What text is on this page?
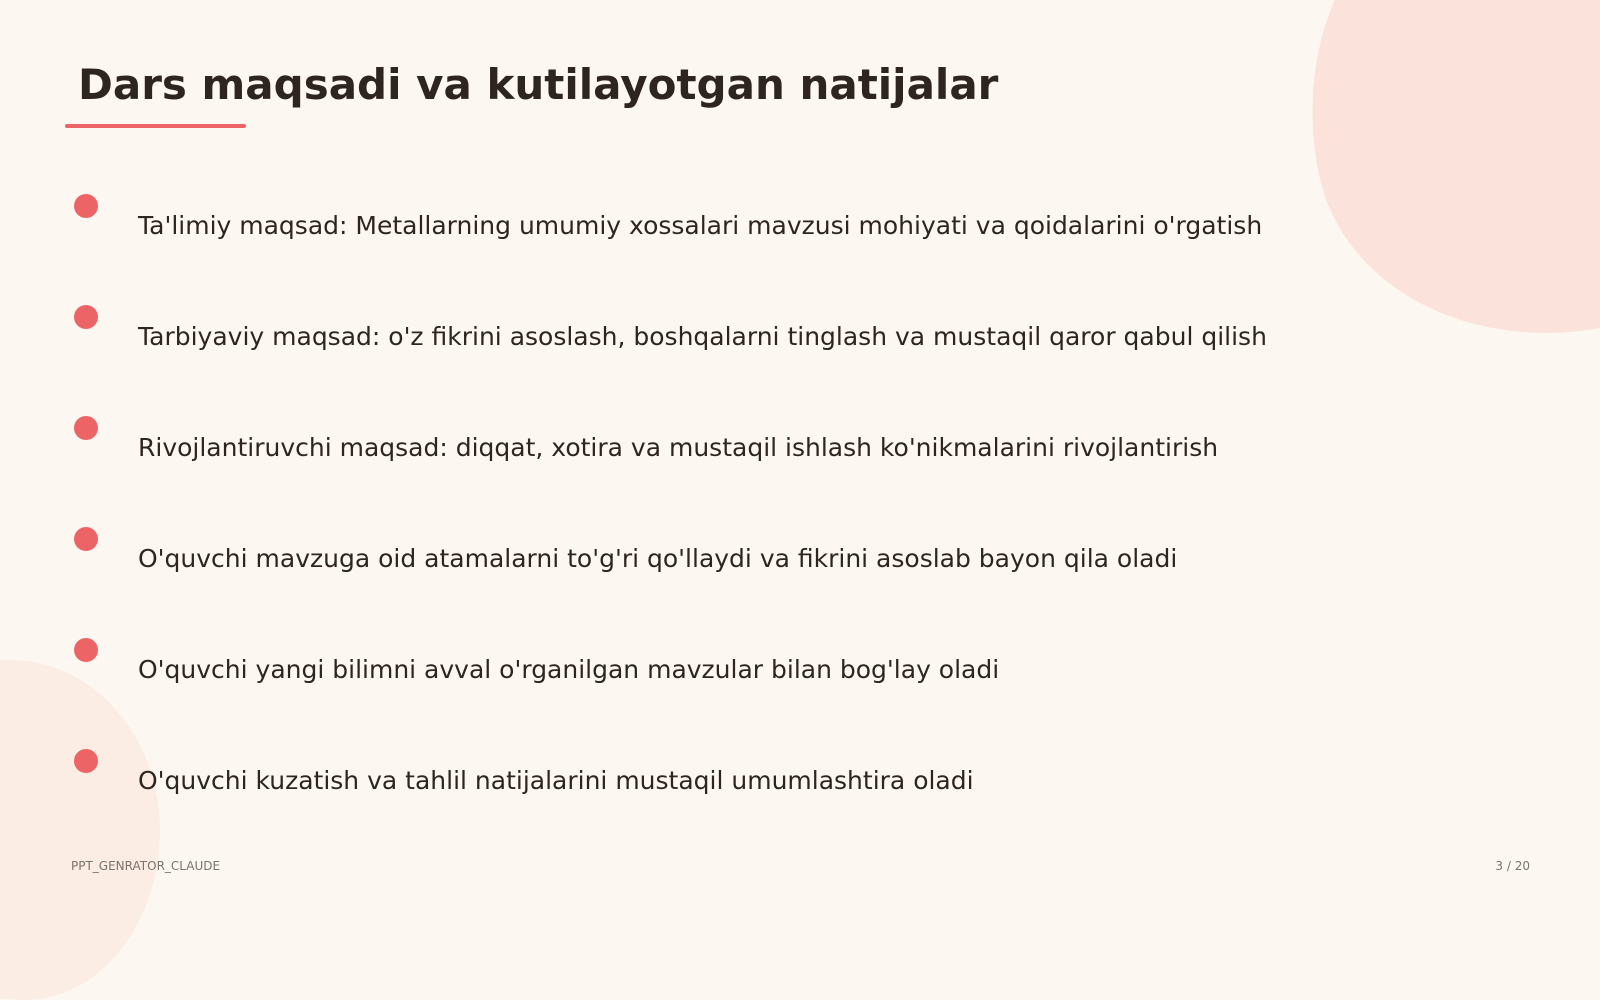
Dars maqsadi va kutilayotgan natijalar
Ta'limiy maqsad: Metallarning umumiy xossalari mavzusi mohiyati va qoidalarini o'rgatish
Tarbiyaviy maqsad: o'z fikrini asoslash, boshqalarni tinglash va mustaqil qaror qabul qilish
Rivojlantiruvchi maqsad: diqqat, xotira va mustaqil ishlash ko'nikmalarini rivojlantirish
O'quvchi mavzuga oid atamalarni to'g'ri qo'llaydi va fikrini asoslab bayon qila oladi
O'quvchi yangi bilimni avval o'rganilgan mavzular bilan bog'lay oladi
O'quvchi kuzatish va tahlil natijalarini mustaqil umumlashtira oladi
PPT_GENRATOR_CLAUDE	3 / 20
